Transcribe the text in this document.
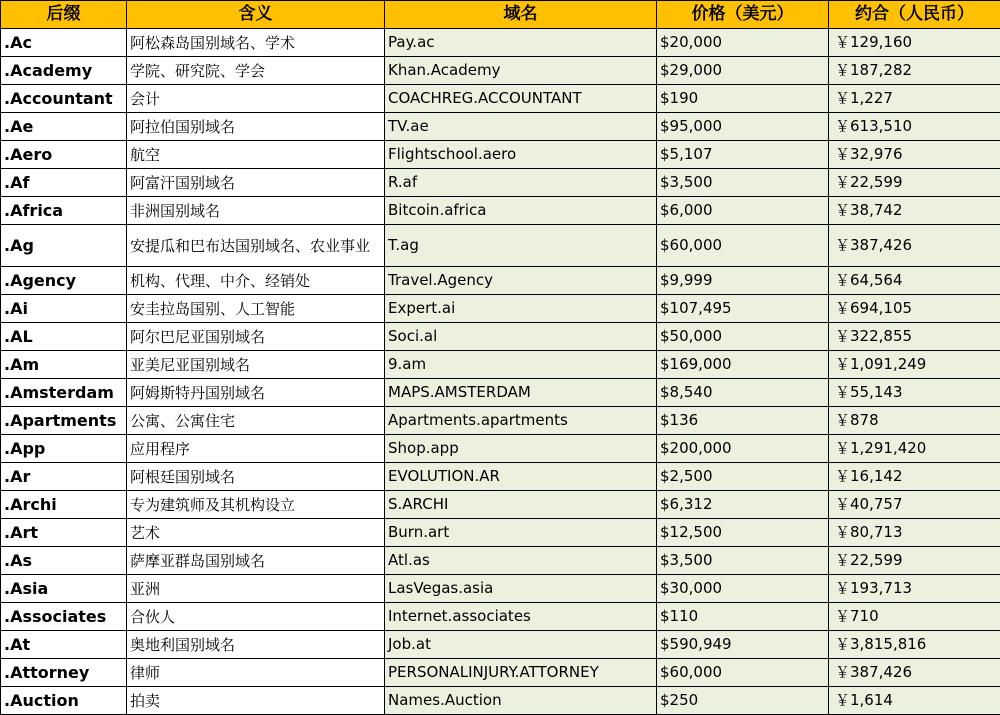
后缀	含义	域名	价格（美元）	约合（人民币）
.Ac	阿松森岛国别域名、学术	Pay.ac	$20,000	￥129,160
.Academy	学院、研究院、学会	Khan.Academy	$29,000	￥187,282
.Accountant	会计	COACHREG.ACCOUNTANT	$190	￥1,227
.Ae	阿拉伯国别域名	TV.ae	$95,000	￥613,510
.Aero	航空	Flightschool.aero	$5,107	￥32,976
.Af	阿富汗国别域名	R.af	$3,500	￥22,599
.Africa	非洲国别域名	Bitcoin.africa	$6,000	￥38,742
.Ag	安提瓜和巴布达国别域名、农业事业	T.ag	$60,000	￥387,426
.Agency	机构、代理、中介、经销处	Travel.Agency	$9,999	￥64,564
.Ai	安圭拉岛国别、人工智能	Expert.ai	$107,495	￥694,105
.AL	阿尔巴尼亚国别域名	Soci.al	$50,000	￥322,855
.Am	亚美尼亚国别域名	9.am	$169,000	￥1,091,249
.Amsterdam	阿姆斯特丹国别域名	MAPS.AMSTERDAM	$8,540	￥55,143
.Apartments	公寓、公寓住宅	Apartments.apartments	$136	￥878
.App	应用程序	Shop.app	$200,000	￥1,291,420
.Ar	阿根廷国别域名	EVOLUTION.AR	$2,500	￥16,142
.Archi	专为建筑师及其机构设立	S.ARCHI	$6,312	￥40,757
.Art	艺术	Burn.art	$12,500	￥80,713
.As	萨摩亚群岛国别域名	Atl.as	$3,500	￥22,599
.Asia	亚洲	LasVegas.asia	$30,000	￥193,713
.Associates	合伙人	Internet.associates	$110	￥710
.At	奥地利国别域名	Job.at	$590,949	￥3,815,816
.Attorney	律师	PERSONALINJURY.ATTORNEY	$60,000	￥387,426
.Auction	拍卖	Names.Auction	$250	￥1,614
